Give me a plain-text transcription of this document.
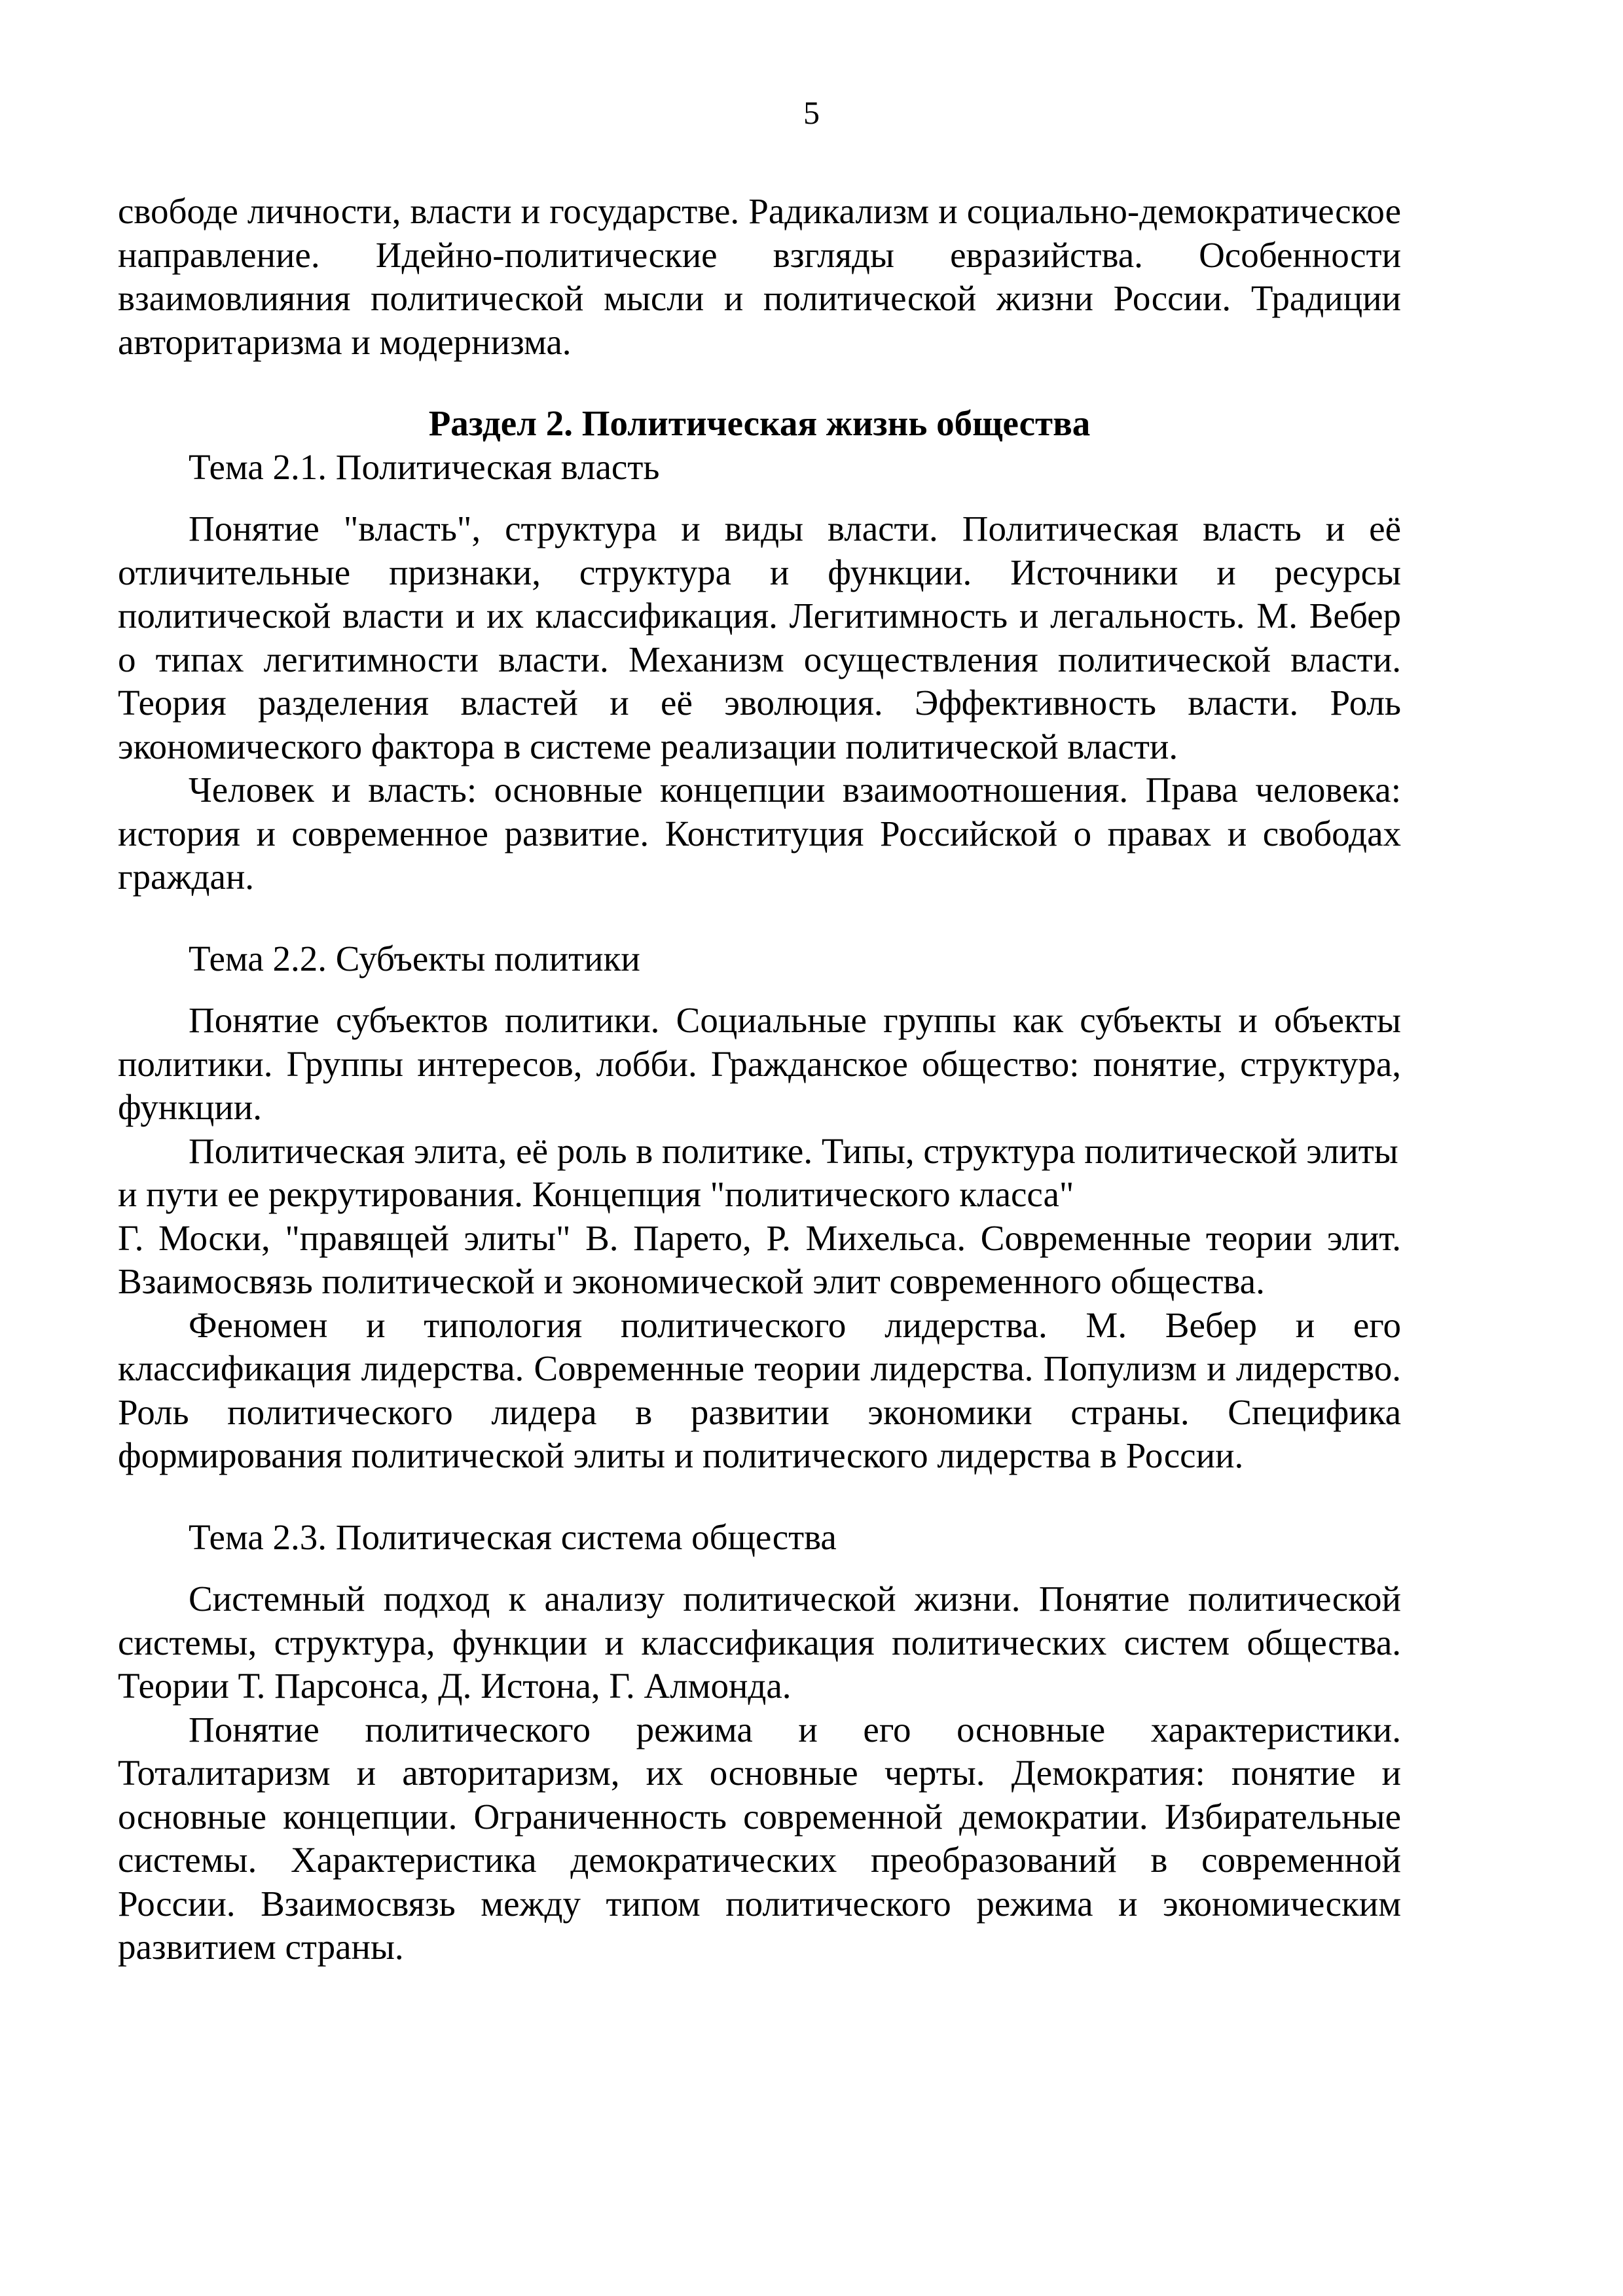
5

свободе личности, власти и государстве. Радикализм и социально-демократическое направление. Идейно-политические взгляды евразийства. Особенности взаимовлияния политической мысли и политической жизни России. Традиции авторитаризма и модернизма.

Раздел 2. Политическая жизнь общества

Тема 2.1. Политическая власть

Понятие "власть", структура и виды власти. Политическая власть и её отличительные признаки, структура и функции. Источники и ресурсы политической власти и их классификация. Легитимность и легальность. М. Вебер о типах легитимности власти. Механизм осуществления политической власти. Теория разделения властей и её эволюция. Эффективность власти. Роль экономического фактора в системе реализации политической власти.

Человек и власть: основные концепции взаимоотношения. Права человека: история и современное развитие. Конституция Российской о правах и свободах граждан.

Тема 2.2. Субъекты политики

Понятие субъектов политики. Социальные группы как субъекты и объекты политики. Группы интересов, лобби. Гражданское общество: понятие, структура, функции.

Политическая элита, её роль в политике. Типы, структура политической элиты и пути ее рекрутирования. Концепция "политического класса"

Г. Моски, "правящей элиты" В. Парето, Р. Михельса. Современные теории элит. Взаимосвязь политической и экономической элит современного общества.

Феномен и типология политического лидерства. М. Вебер и его классификация лидерства. Современные теории лидерства. Популизм и лидерство. Роль политического лидера в развитии экономики страны. Специфика формирования политической элиты и политического лидерства в России.

Тема 2.3. Политическая система общества

Системный подход к анализу политической жизни. Понятие политической системы, структура, функции и классификация политических систем общества. Теории Т. Парсонса, Д. Истона, Г. Алмонда.

Понятие политического режима и его основные характеристики. Тоталитаризм и авторитаризм, их основные черты. Демократия: понятие и основные концепции. Ограниченность современной демократии. Избирательные системы. Характеристика демократических преобразований в современной России. Взаимосвязь между типом политического режима и экономическим развитием страны.
